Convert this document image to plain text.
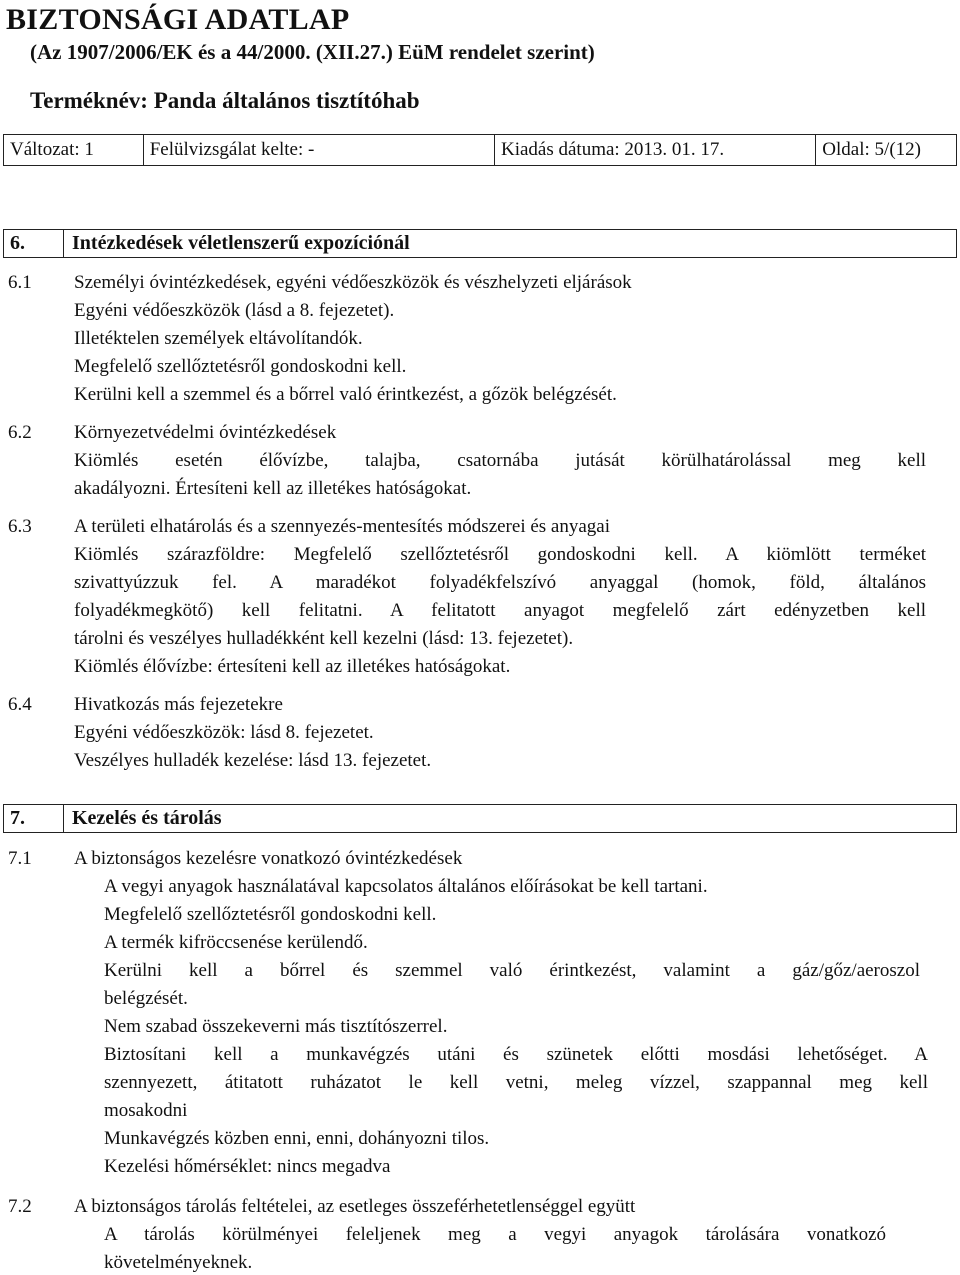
BIZTONSÁGI ADATLAP
(Az 1907/2006/EK és a 44/2000. (XII.27.) EüM rendelet szerint)
Terméknév: Panda általános tisztítóhab
Változat: 1	Felülvizsgálat kelte: -	Kiadás dátuma: 2013. 01. 17.	Oldal: 5/(12)
6.	Intézkedések véletlenszerű expozíciónál
6.1 Személyi óvintézkedések, egyéni védőeszközök és vészhelyzeti eljárások
Egyéni védőeszközök (lásd a 8. fejezetet).
Illetéktelen személyek eltávolítandók.
Megfelelő szellőztetésről gondoskodni kell.
Kerülni kell a szemmel és a bőrrel való érintkezést, a gőzök belégzését.
6.2 Környezetvédelmi óvintézkedések
Kiömlés esetén élővízbe, talajba, csatornába jutását körülhatárolással meg kell
akadályozni. Értesíteni kell az illetékes hatóságokat.
6.3 A területi elhatárolás és a szennyezés-mentesítés módszerei és anyagai
Kiömlés szárazföldre: Megfelelő szellőztetésről gondoskodni kell. A kiömlött terméket
szivattyúzzuk fel. A maradékot folyadékfelszívó anyaggal (homok, föld, általános
folyadékmegkötő) kell felitatni. A felitatott anyagot megfelelő zárt edényzetben kell
tárolni és veszélyes hulladékként kell kezelni (lásd: 13. fejezetet).
Kiömlés élővízbe: értesíteni kell az illetékes hatóságokat.
6.4 Hivatkozás más fejezetekre
Egyéni védőeszközök: lásd 8. fejezetet.
Veszélyes hulladék kezelése: lásd 13. fejezetet.
7.	Kezelés és tárolás
7.1 A biztonságos kezelésre vonatkozó óvintézkedések
A vegyi anyagok használatával kapcsolatos általános előírásokat be kell tartani.
Megfelelő szellőztetésről gondoskodni kell.
A termék kifröccsenése kerülendő.
Kerülni kell a bőrrel és szemmel való érintkezést, valamint a gáz/gőz/aeroszol
belégzését.
Nem szabad összekeverni más tisztítószerrel.
Biztosítani kell a munkavégzés utáni és szünetek előtti mosdási lehetőséget. A
szennyezett, átitatott ruházatot le kell vetni, meleg vízzel, szappannal meg kell
mosakodni
Munkavégzés közben enni, enni, dohányozni tilos.
Kezelési hőmérséklet: nincs megadva
7.2 A biztonságos tárolás feltételei, az esetleges összeférhetetlenséggel együtt
A tárolás körülményei feleljenek meg a vegyi anyagok tárolására vonatkozó
követelményeknek.
